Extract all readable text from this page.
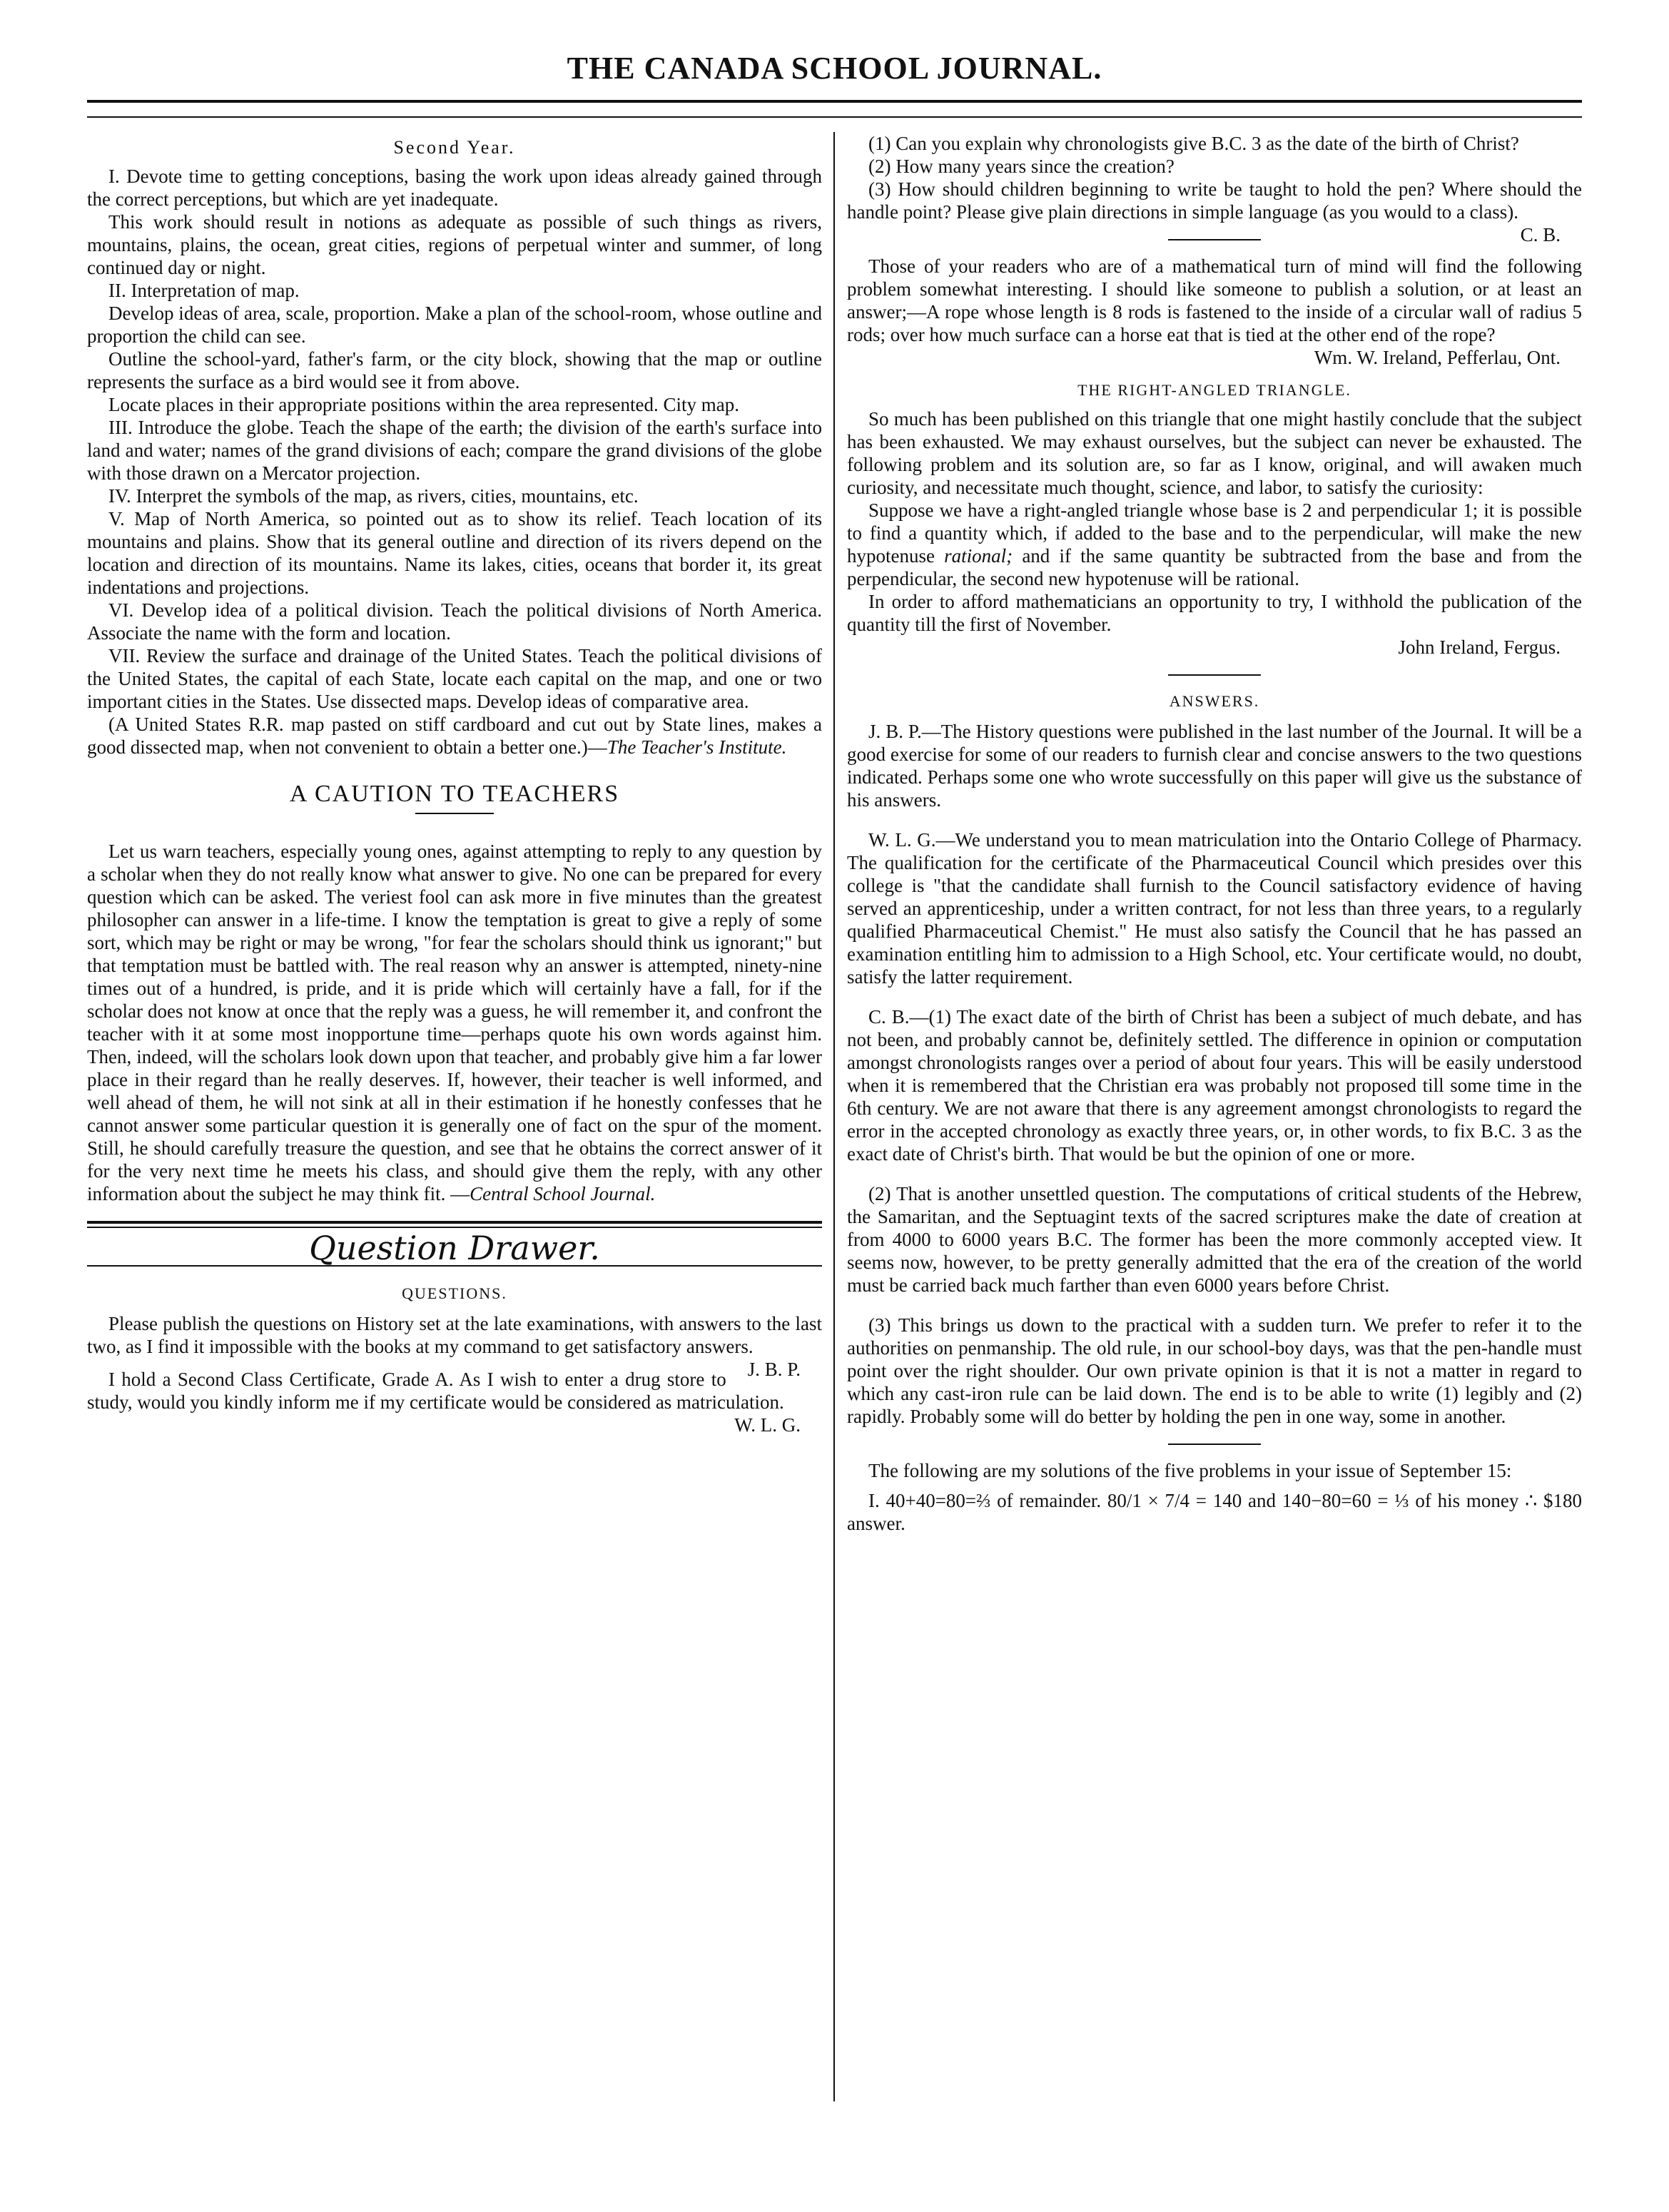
THE CANADA SCHOOL JOURNAL.
Second Year.

I. Devote time to getting conceptions, basing the work upon ideas already gained through the correct perceptions, but which are yet inadequate.

This work should result in notions as adequate as possible of such things as rivers, mountains, plains, the ocean, great cities, regions of perpetual winter and summer, of long continued day or night.

II. Interpretation of map.

Develop ideas of area, scale, proportion. Make a plan of the school-room, whose outline and proportion the child can see.

Outline the school-yard, father's farm, or the city block, showing that the map or outline represents the surface as a bird would see it from above.

Locate places in their appropriate positions within the area represented. City map.

III. Introduce the globe. Teach the shape of the earth; the division of the earth's surface into land and water; names of the grand divisions of each; compare the grand divisions of the globe with those drawn on a Mercator projection.

IV. Interpret the symbols of the map, as rivers, cities, mountains, etc.

V. Map of North America, so pointed out as to show its relief. Teach location of its mountains and plains. Show that its general outline and direction of its rivers depend on the location and direction of its mountains. Name its lakes, cities, oceans that border it, its great indentations and projections.

VI. Develop idea of a political division. Teach the political divisions of North America. Associate the name with the form and location.

VII. Review the surface and drainage of the United States. Teach the political divisions of the United States, the capital of each State, locate each capital on the map, and one or two important cities in the States. Use dissected maps. Develop ideas of comparative area.

(A United States R.R. map pasted on stiff cardboard and cut out by State lines, makes a good dissected map, when not convenient to obtain a better one.)—The Teacher's Institute.

A CAUTION TO TEACHERS

Let us warn teachers, especially young ones, against attempting to reply to any question by a scholar when they do not really know what answer to give. No one can be prepared for every question which can be asked. The veriest fool can ask more in five minutes than the greatest philosopher can answer in a life-time. I know the temptation is great to give a reply of some sort, which may be right or may be wrong, "for fear the scholars should think us ignorant;" but that temptation must be battled with. The real reason why an answer is attempted, ninety-nine times out of a hundred, is pride, and it is pride which will certainly have a fall, for if the scholar does not know at once that the reply was a guess, he will remember it, and confront the teacher with it at some most inopportune time—perhaps quote his own words against him. Then, indeed, will the scholars look down upon that teacher, and probably give him a far lower place in their regard than he really deserves. If, however, their teacher is well informed, and well ahead of them, he will not sink at all in their estimation if he honestly confesses that he cannot answer some particular question it is generally one of fact on the spur of the moment. Still, he should carefully treasure the question, and see that he obtains the correct answer of it for the very next time he meets his class, and should give them the reply, with any other information about the subject he may think fit. —Central School Journal.

Question Drawer.
QUESTIONS.

Please publish the questions on History set at the late examinations, with answers to the last two, as I find it impossible with the books at my command to get satisfactory answers.
J. B. P.

I hold a Second Class Certificate, Grade A. As I wish to enter a drug store to study, would you kindly inform me if my certificate would be considered as matriculation.
W. L. G.

(1) Can you explain why chronologists give B.C. 3 as the date of the birth of Christ?

(2) How many years since the creation?

(3) How should children beginning to write be taught to hold the pen? Where should the handle point? Please give plain directions in simple language (as you would to a class).
C. B.

Those of your readers who are of a mathematical turn of mind will find the following problem somewhat interesting. I should like someone to publish a solution, or at least an answer;—A rope whose length is 8 rods is fastened to the inside of a circular wall of radius 5 rods; over how much surface can a horse eat that is tied at the other end of the rope?

Wm. W. Ireland, Pefferlau, Ont.

THE RIGHT-ANGLED TRIANGLE.

So much has been published on this triangle that one might hastily conclude that the subject has been exhausted. We may exhaust ourselves, but the subject can never be exhausted. The following problem and its solution are, so far as I know, original, and will awaken much curiosity, and necessitate much thought, science, and labor, to satisfy the curiosity:

Suppose we have a right-angled triangle whose base is 2 and perpendicular 1; it is possible to find a quantity which, if added to the base and to the perpendicular, will make the new hypotenuse rational; and if the same quantity be subtracted from the base and from the perpendicular, the second new hypotenuse will be rational.

In order to afford mathematicians an opportunity to try, I withhold the publication of the quantity till the first of November.

John Ireland, Fergus.

ANSWERS.

J. B. P.—The History questions were published in the last number of the Journal. It will be a good exercise for some of our readers to furnish clear and concise answers to the two questions indicated. Perhaps some one who wrote successfully on this paper will give us the substance of his answers.

W. L. G.—We understand you to mean matriculation into the Ontario College of Pharmacy. The qualification for the certificate of the Pharmaceutical Council which presides over this college is "that the candidate shall furnish to the Council satisfactory evidence of having served an apprenticeship, under a written contract, for not less than three years, to a regularly qualified Pharmaceutical Chemist." He must also satisfy the Council that he has passed an examination entitling him to admission to a High School, etc. Your certificate would, no doubt, satisfy the latter requirement.

C. B.—(1) The exact date of the birth of Christ has been a subject of much debate, and has not been, and probably cannot be, definitely settled. The difference in opinion or computation amongst chronologists ranges over a period of about four years. This will be easily understood when it is remembered that the Christian era was probably not proposed till some time in the 6th century. We are not aware that there is any agreement amongst chronologists to regard the error in the accepted chronology as exactly three years, or, in other words, to fix B.C. 3 as the exact date of Christ's birth. That would be but the opinion of one or more.

(2) That is another unsettled question. The computations of critical students of the Hebrew, the Samaritan, and the Septuagint texts of the sacred scriptures make the date of creation at from 4000 to 6000 years B.C. The former has been the more commonly accepted view. It seems now, however, to be pretty generally admitted that the era of the creation of the world must be carried back much farther than even 6000 years before Christ.

(3) This brings us down to the practical with a sudden turn. We prefer to refer it to the authorities on penmanship. The old rule, in our school-boy days, was that the pen-handle must point over the right shoulder. Our own private opinion is that it is not a matter in regard to which any cast-iron rule can be laid down. The end is to be able to write (1) legibly and (2) rapidly. Probably some will do better by holding the pen in one way, some in another.

The following are my solutions of the five problems in your issue of September 15:

I. 40+40=80=⅔ of remainder. 80/1 × 7/4 = 140 and 140−80=60 = ⅓ of his money ∴ $180 answer.
